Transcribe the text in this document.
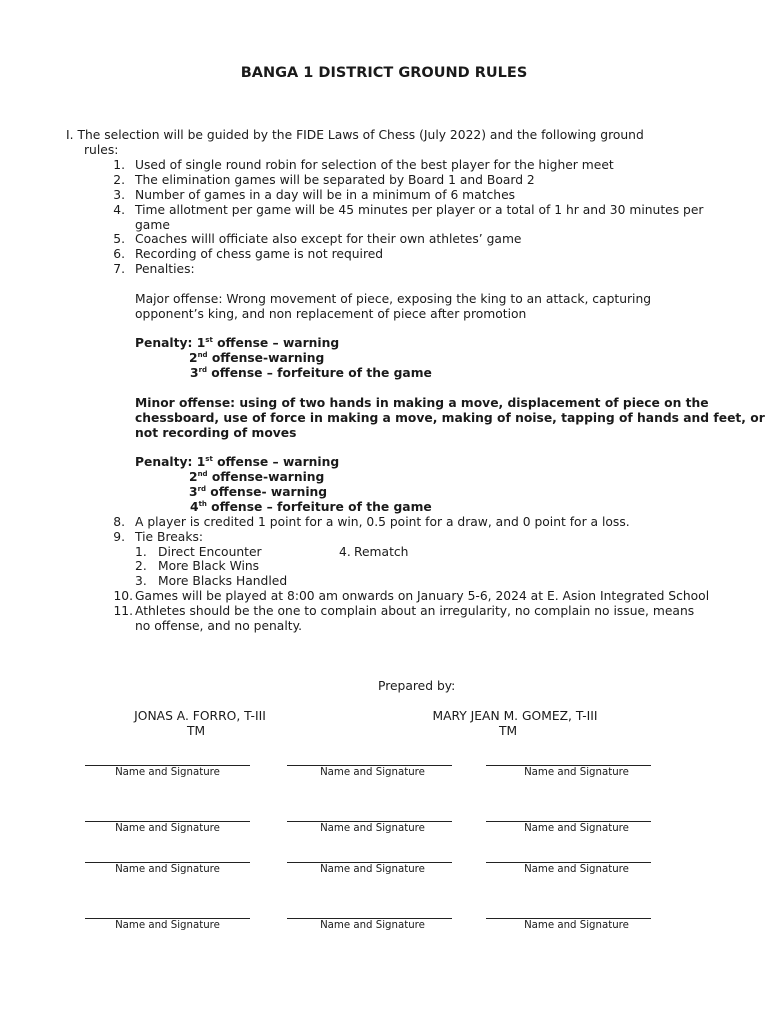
BANGA 1 DISTRICT GROUND RULES
I. The selection will be guided by the FIDE Laws of Chess (July 2022) and the following ground
rules:
1. Used of single round robin for selection of the best player for the higher meet
2. The elimination games will be separated by Board 1 and Board 2
3. Number of games in a day will be in a minimum of 6 matches
4. Time allotment per game will be 45 minutes per player or a total of 1 hr and 30 minutes per
game
5. Coaches willl officiate also except for their own athletes’ game
6. Recording of chess game is not required
7. Penalties:
Major offense: Wrong movement of piece, exposing the king to an attack, capturing
opponent’s king, and non replacement of piece after promotion
Penalty: 1st offense – warning
2nd offense-warning
3rd offense – forfeiture of the game
Minor offense: using of two hands in making a move, displacement of piece on the
chessboard, use of force in making a move, making of noise, tapping of hands and feet, or
not recording of moves
Penalty: 1st offense – warning
2nd offense-warning
3rd offense- warning
4th offense – forfeiture of the game
8. A player is credited 1 point for a win, 0.5 point for a draw, and 0 point for a loss.
9. Tie Breaks:
1. Direct Encounter	4. Rematch
2. More Black Wins
3. More Blacks Handled
10. Games will be played at 8:00 am onwards on January 5-6, 2024 at E. Asion Integrated School
11. Athletes should be the one to complain about an irregularity, no complain no issue, means
no offense, and no penalty.
Prepared by:
JONAS A. FORRO, T-III
TM
MARY JEAN M. GOMEZ, T-III
TM
Name and Signature	Name and Signature	Name and Signature
Name and Signature	Name and Signature	Name and Signature
Name and Signature	Name and Signature	Name and Signature
Name and Signature	Name and Signature	Name and Signature
